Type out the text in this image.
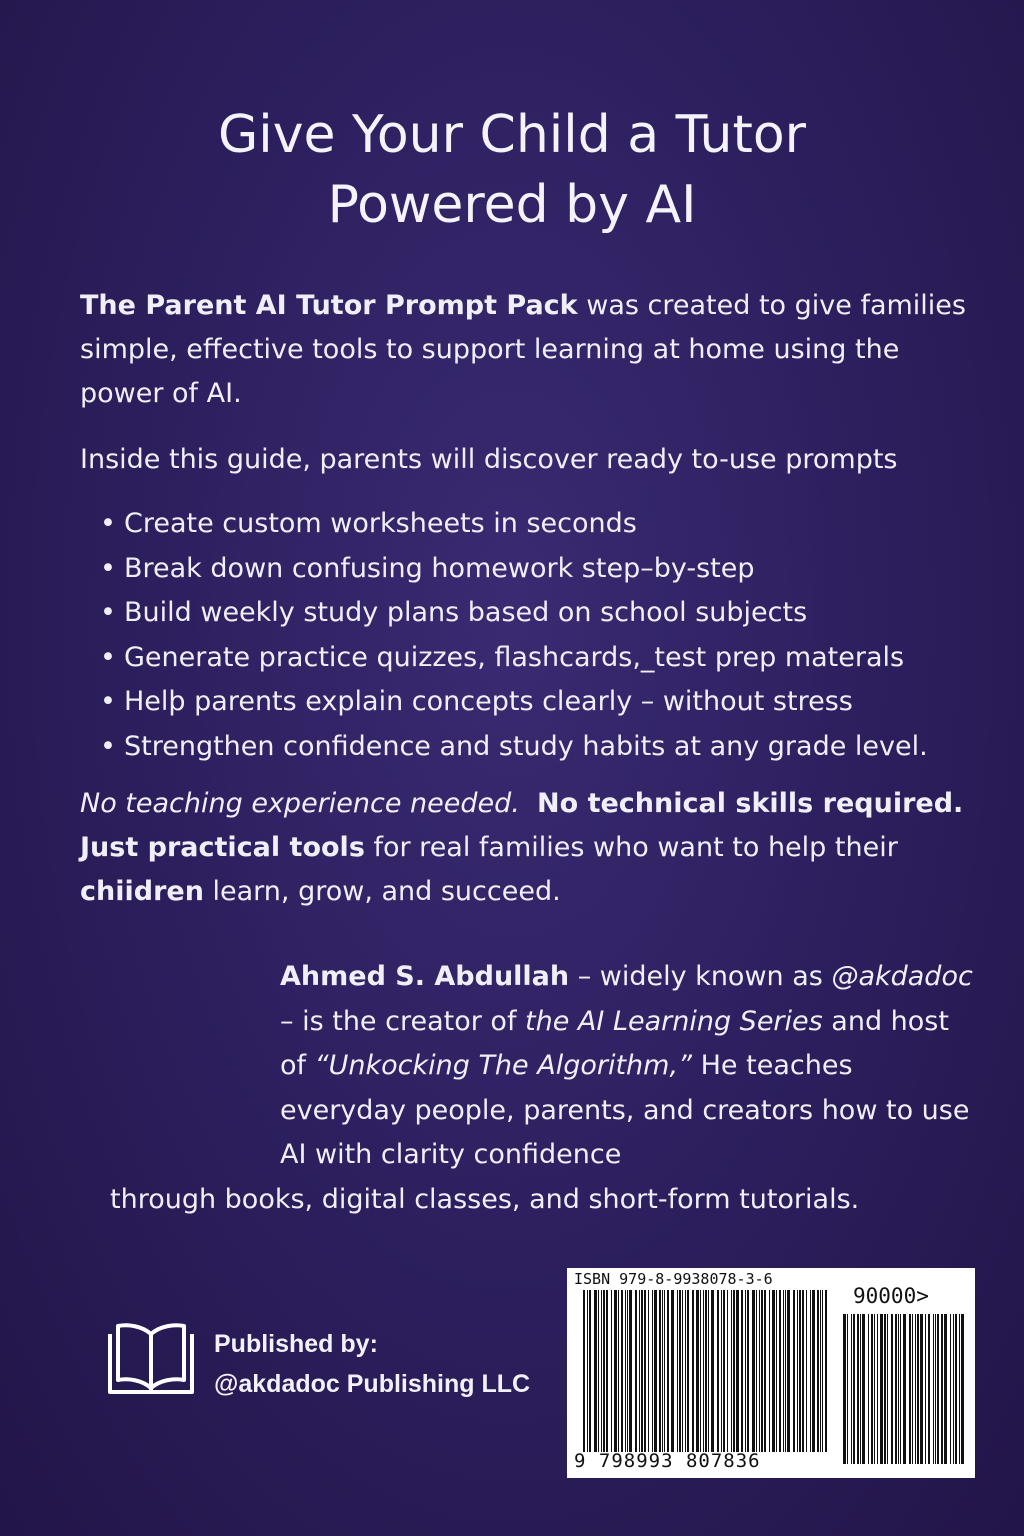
Give Your Child a Tutor
Powered by AI

The Parent AI Tutor Prompt Pack was created to give families simple, effective tools to support learning at home using the power of AI.

Inside this guide, parents will discover ready to-use prompts

• Create custom worksheets in seconds
• Break down confusing homework step–by-step
• Build weekly study plans based on school subjects
• Generate practice quizzes, flashcards,_test prep materals
• Helþ parents explain concepts clearly – without stress
• Strengthen confidence and study habits at any grade level.

No teaching experience needed. No technical skills required. Just practical tools for real families who want to help their chiidren learn, grow, and succeed.

Ahmed S. Abdullah – widely known as @akdadoc – is the creator of the AI Learning Series and host of “Unkocking The Algorithm,” He teaches everyday people, parents, and creators how to use AI with clarity confidence

through books, digital classes, and short-form tutorials.

Published by:
@akdadoc Publishing LLC
ISBN 979-8-9938078-3-6
90000>
9 798993 807836
